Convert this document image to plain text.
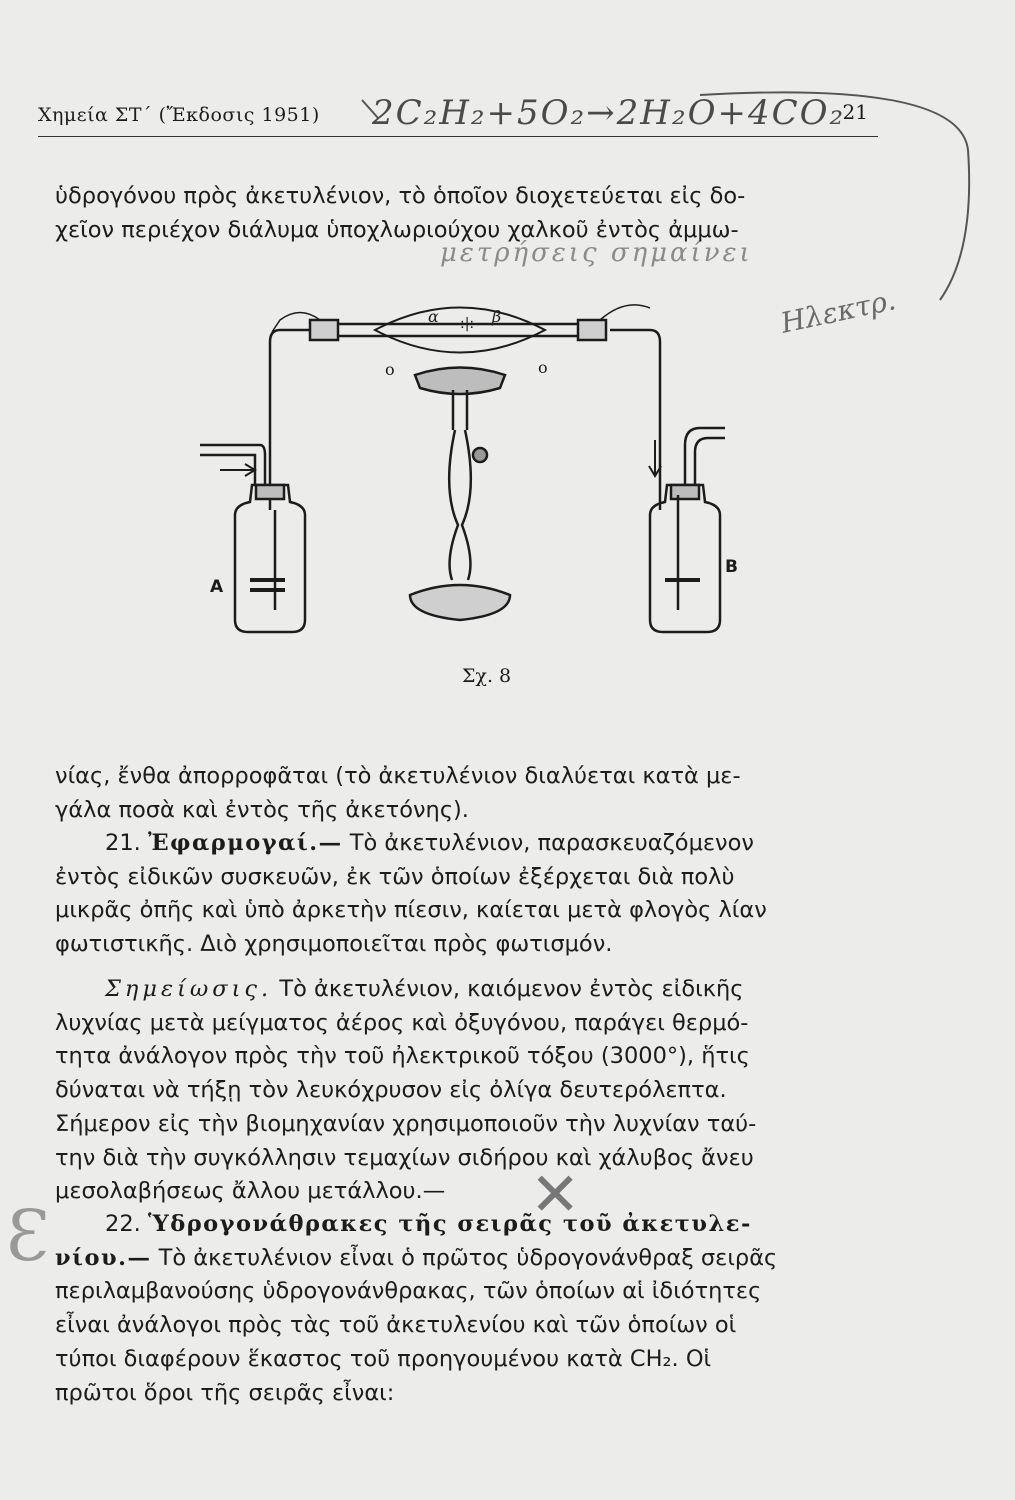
Χημεία ΣΤ΄ (Ἔκδοσις 1951)	21
2C₂H₂+5O₂→2H₂O+4CO₂
μετρήσεις σημαίνει
Ηλεκτρ.

ὑδρογόνου πρὸς ἀκετυλένιον, τὸ ὁποῖον διοχετεύεται εἰς δο-

χεῖον περιέχον διάλυμα ὑποχλωριούχου χαλκοῦ ἐντὸς ἀμμω-

:|:
α	β
o	o
A
B
Σχ. 8

νίας, ἔνθα ἀπορροφᾶται (τὸ ἀκετυλένιον διαλύεται κατὰ με-

γάλα ποσὰ καὶ ἐντὸς τῆς ἀκετόνης).

21. Ἐφαρμογαί.— Τὸ ἀκετυλένιον, παρασκευαζόμενον

ἐντὸς εἰδικῶν συσκευῶν, ἐκ τῶν ὁποίων ἐξέρχεται διὰ πολὺ

μικρᾶς ὀπῆς καὶ ὑπὸ ἀρκετὴν πίεσιν, καίεται μετὰ φλογὸς λίαν

φωτιστικῆς. Διὸ χρησιμοποιεῖται πρὸς φωτισμόν.

Σημείωσις. Τὸ ἀκετυλένιον, καιόμενον ἐντὸς εἰδικῆς

λυχνίας μετὰ μείγματος ἀέρος καὶ ὀξυγόνου, παράγει θερμό-

τητα ἀνάλογον πρὸς τὴν τοῦ ἠλεκτρικοῦ τόξου (3000°), ἥτις

δύναται νὰ τήξῃ τὸν λευκόχρυσον εἰς ὀλίγα δευτερόλεπτα.

Σήμερον εἰς τὴν βιομηχανίαν χρησιμοποιοῦν τὴν λυχνίαν ταύ-

την διὰ τὴν συγκόλλησιν τεμαχίων σιδήρου καὶ χάλυβος ἄνευ

μεσολαβήσεως ἄλλου μετάλλου.—

22. Ὑδρογονάθρακες τῆς σειρᾶς τοῦ ἀκετυλε-

νίου.— Τὸ ἀκετυλένιον εἶναι ὁ πρῶτος ὑδρογονάνθραξ σειρᾶς

περιλαμβανούσης ὑδρογονάνθρακας, τῶν ὁποίων αἱ ἰδιότητες

εἶναι ἀνάλογοι πρὸς τὰς τοῦ ἀκετυλενίου καὶ τῶν ὁποίων οἱ

τύποι διαφέρουν ἕκαστος τοῦ προηγουμένου κατὰ CH₂. Οἱ

πρῶτοι ὅροι τῆς σειρᾶς εἶναι:

✕
Ɛ
